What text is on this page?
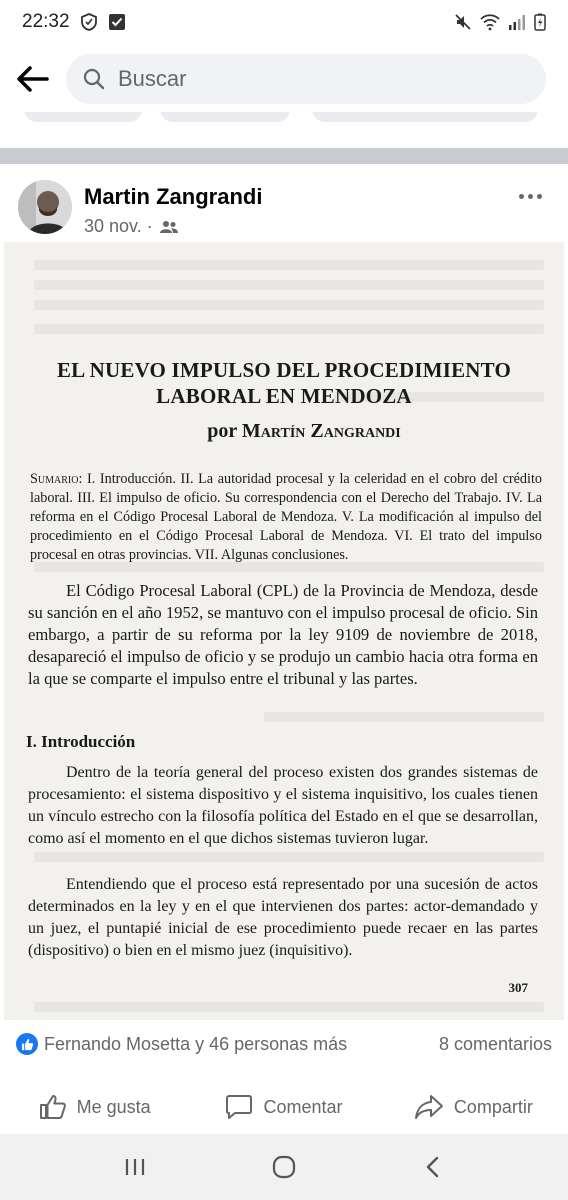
22:32
Buscar
Martin Zangrandi
30 nov. ·
EL NUEVO IMPULSO DEL PROCEDIMIENTO
LABORAL EN MENDOZA
por Martín Zangrandi
Sumario: I. Introducción. II. La autoridad procesal y la celeridad en el cobro del crédito laboral. III. El impulso de oficio. Su correspondencia con el Derecho del Trabajo. IV. La reforma en el Código Procesal Laboral de Mendoza. V. La modificación al impulso del procedimiento en el Código Procesal Laboral de Mendoza. VI. El trato del impulso procesal en otras provincias. VII. Algunas conclusiones.
El Código Procesal Laboral (CPL) de la Provincia de Mendoza, desde su sanción en el año 1952, se mantuvo con el impulso procesal de oficio. Sin embargo, a partir de su reforma por la ley 9109 de noviembre de 2018, desapareció el impulso de oficio y se produjo un cambio hacia otra forma en la que se comparte el impulso entre el tribunal y las partes.
I. Introducción
Dentro de la teoría general del proceso existen dos grandes sistemas de procesamiento: el sistema dispositivo y el sistema inquisitivo, los cuales tienen un vínculo estrecho con la filosofía política del Estado en el que se desarrollan, como así el momento en el que dichos sistemas tuvieron lugar.
Entendiendo que el proceso está representado por una sucesión de actos determinados en la ley y en el que intervienen dos partes: actor-demandado y un juez, el puntapié inicial de ese procedimiento puede recaer en las partes (dispositivo) o bien en el mismo juez (inquisitivo).
307
Fernando Mosetta y 46 personas más	8 comentarios
Me gusta	Comentar	Compartir
